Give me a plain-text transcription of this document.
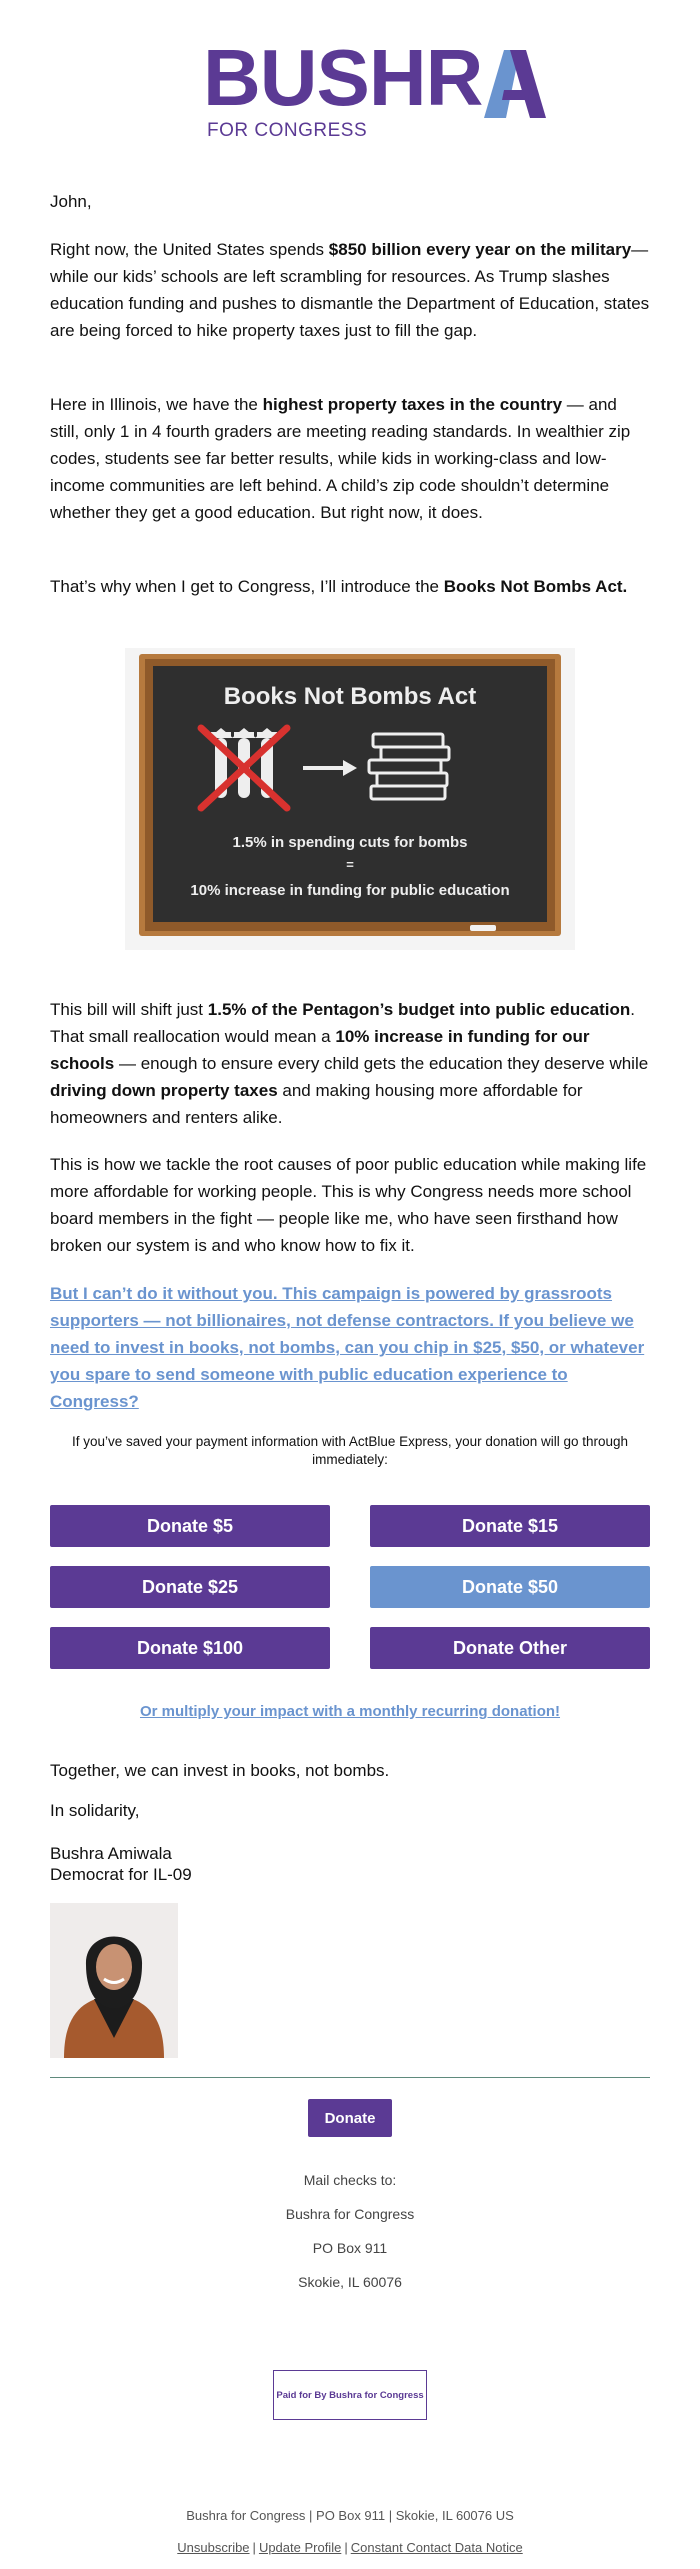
BUSHR
FOR CONGRESS
John,
Right now, the United States spends $850 billion every year on the military— while our kids’ schools are left scrambling for resources. As Trump slashes education funding and pushes to dismantle the Department of Education, states are being forced to hike property taxes just to fill the gap.
Here in Illinois, we have the highest property taxes in the country — and still, only 1 in 4 fourth graders are meeting reading standards. In wealthier zip codes, students see far better results, while kids in working-class and low-income communities are left behind. A child’s zip code shouldn’t determine whether they get a good education. But right now, it does.
That’s why when I get to Congress, I’ll introduce the Books Not Bombs Act.
Books Not Bombs Act
1.5% in spending cuts for bombs
=
10% increase in funding for public education
This bill will shift just 1.5% of the Pentagon’s budget into public education. That small reallocation would mean a 10% increase in funding for our schools — enough to ensure every child gets the education they deserve while driving down property taxes and making housing more affordable for homeowners and renters alike.
This is how we tackle the root causes of poor public education while making life more affordable for working people. This is why Congress needs more school board members in the fight — people like me, who have seen firsthand how broken our system is and who know how to fix it.
But I can’t do it without you. This campaign is powered by grassroots supporters — not billionaires, not defense contractors. If you believe we need to invest in books, not bombs, can you chip in $25, $50, or whatever you spare to send someone with public education experience to Congress?
If you’ve saved your payment information with ActBlue Express, your donation will go through immediately:
Donate $5	Donate $15
Donate $25	Donate $50
Donate $100	Donate Other
Or multiply your impact with a monthly recurring donation!
Together, we can invest in books, not bombs.
In solidarity,
Bushra Amiwala
Democrat for IL-09
Donate
Mail checks to:
Bushra for Congress
PO Box 911
Skokie, IL 60076
Paid for By Bushra for Congress
Bushra for Congress | PO Box 911 | Skokie, IL 60076 US
Unsubscribe | Update Profile | Constant Contact Data Notice
